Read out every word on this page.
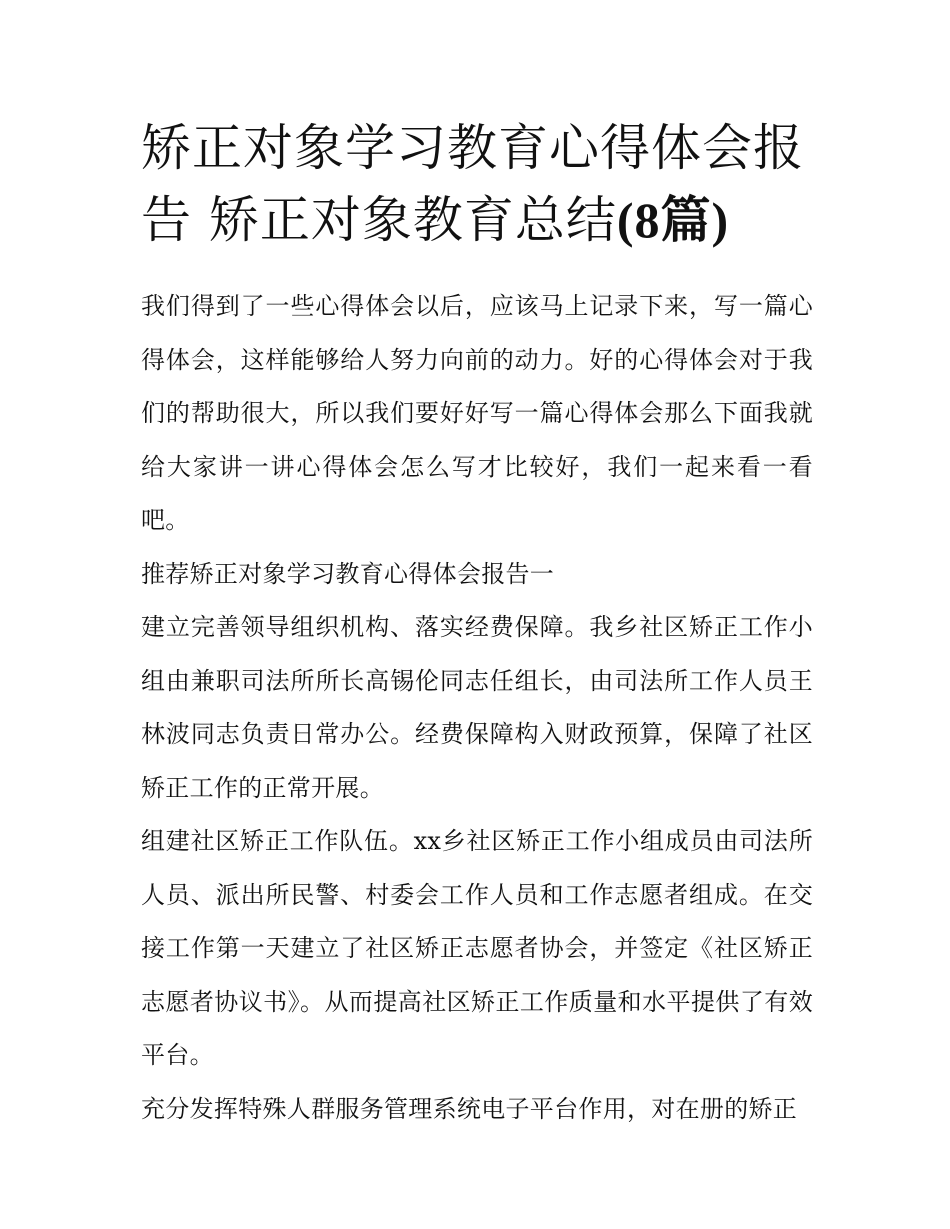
矫正对象学习教育心得体会报
告 矫正对象教育总结(8篇)

我们得到了一些心得体会以后，应该马上记录下来，写一篇心得体会，这样能够给人努力向前的动力。好的心得体会对于我们的帮助很大，所以我们要好好写一篇心得体会那么下面我就给大家讲一讲心得体会怎么写才比较好，我们一起来看一看吧。

推荐矫正对象学习教育心得体会报告一

建立完善领导组织机构、落实经费保障。我乡社区矫正工作小组由兼职司法所所长高锡伦同志任组长，由司法所工作人员王林波同志负责日常办公。经费保障构入财政预算，保障了社区矫正工作的正常开展。

组建社区矫正工作队伍。xx乡社区矫正工作小组成员由司法所人员、派出所民警、村委会工作人员和工作志愿者组成。在交接工作第一天建立了社区矫正志愿者协会，并签定《社区矫正志愿者协议书》。从而提高社区矫正工作质量和水平提供了有效平台。

充分发挥特殊人群服务管理系统电子平台作用，对在册的矫正
